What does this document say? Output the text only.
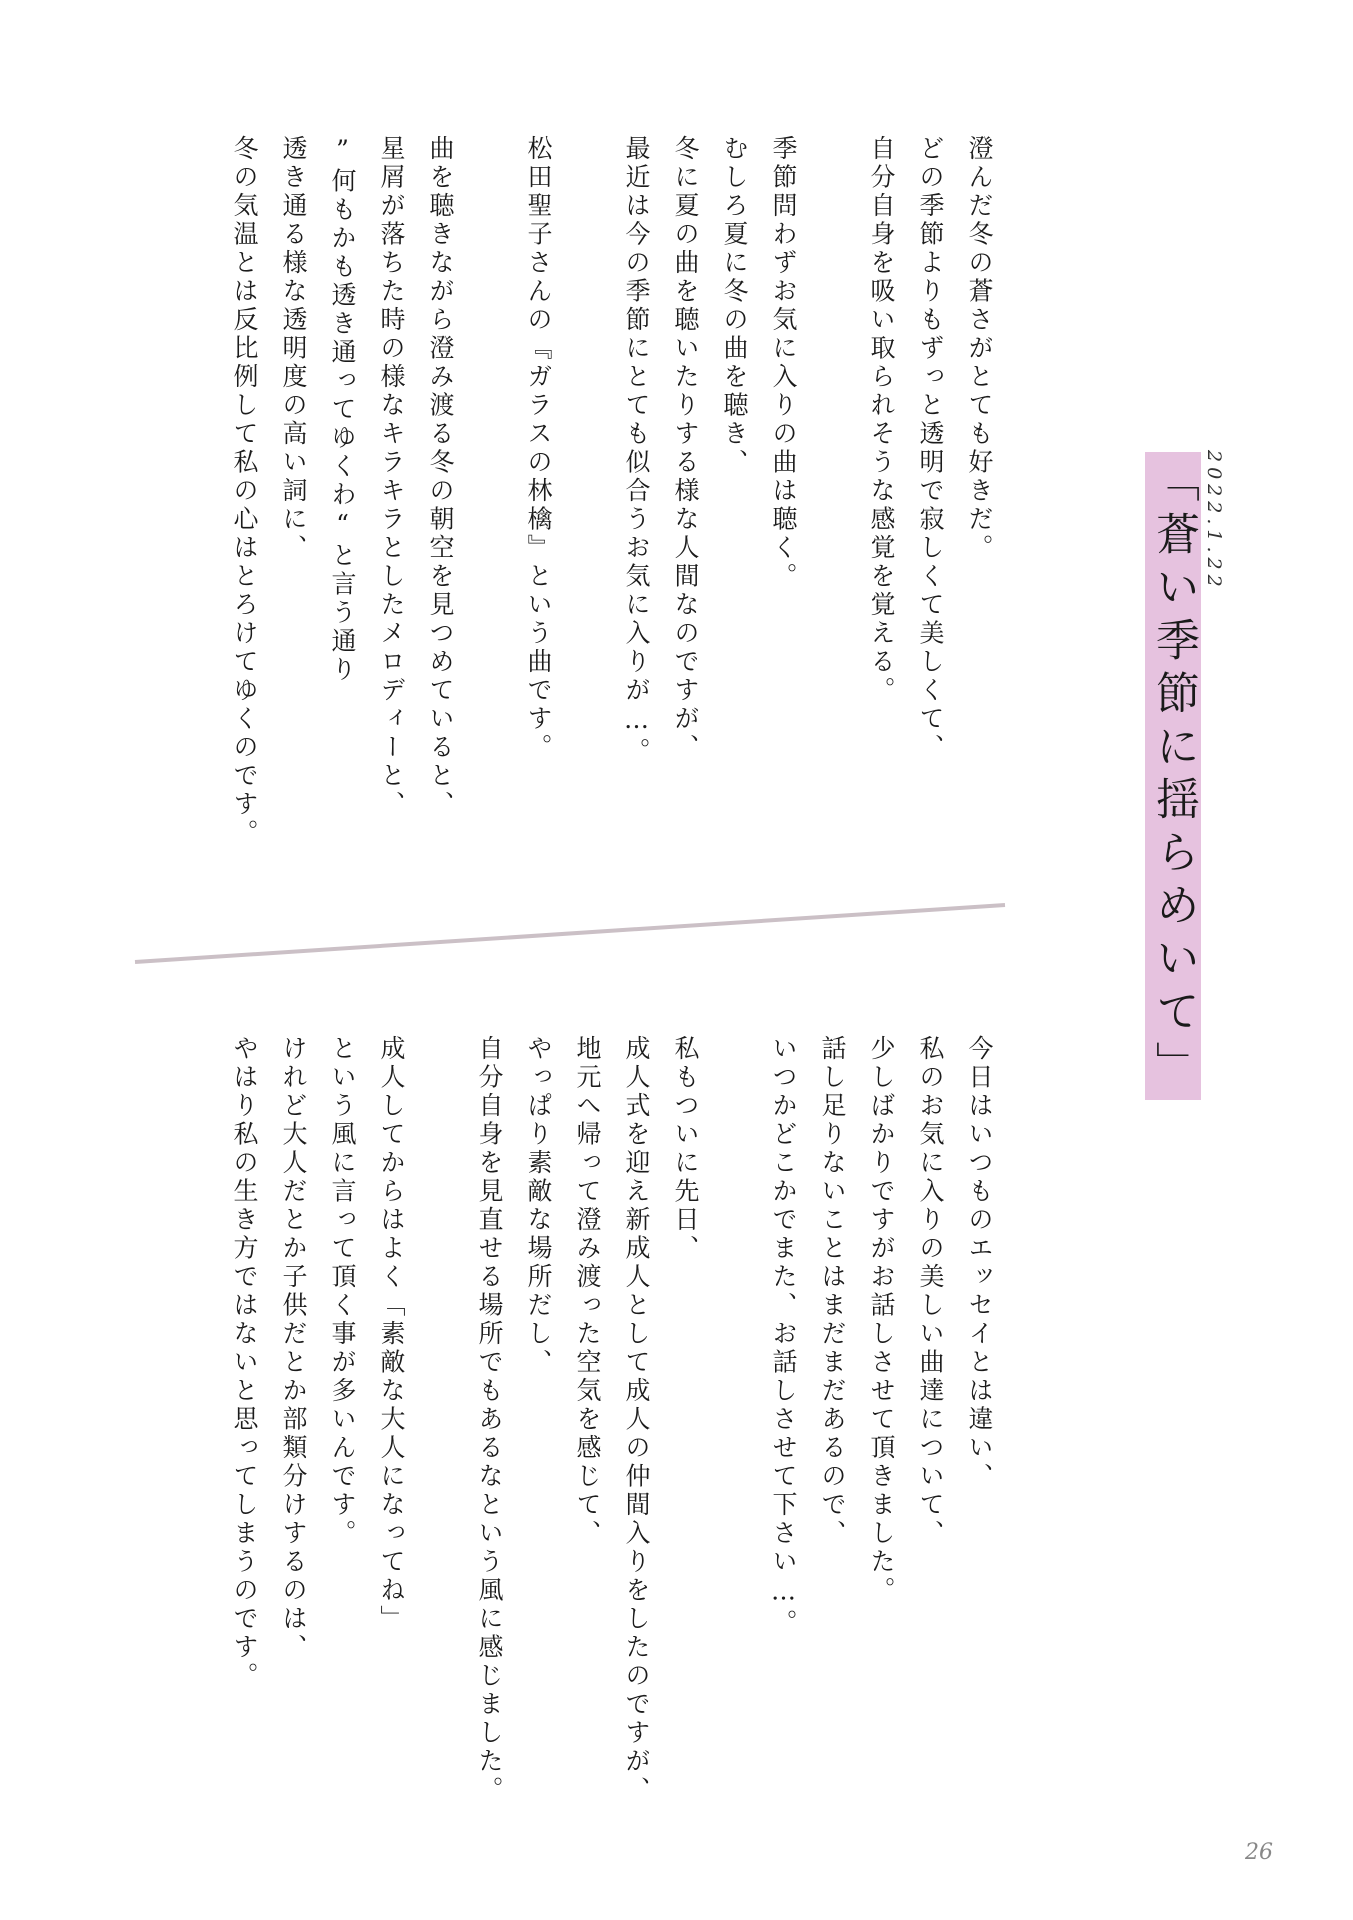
澄んだ冬の蒼さがとても好きだ。
どの季節よりもずっと透明で寂しくて美しくて、
自分自身を吸い取られそうな感覚を覚える。
季節問わずお気に入りの曲は聴く。
むしろ夏に冬の曲を聴き、
冬に夏の曲を聴いたりする様な人間なのですが、
最近は今の季節にとても似合うお気に入りが…。
松田聖子さんの『ガラスの林檎』という曲です。
曲を聴きながら澄み渡る冬の朝空を見つめていると、
星屑が落ちた時の様なキラキラとしたメロディーと、
”何もかも透き通ってゆくわ“と言う通り
透き通る様な透明度の高い詞に、
冬の気温とは反比例して私の心はとろけてゆくのです。
今日はいつものエッセイとは違い、
私のお気に入りの美しい曲達について、
少しばかりですがお話しさせて頂きました。
話し足りないことはまだまだあるので、
いつかどこかでまた、お話しさせて下さい…。
私もついに先日、
成人式を迎え新成人として成人の仲間入りをしたのですが、
地元へ帰って澄み渡った空気を感じて、
やっぱり素敵な場所だし、
自分自身を見直せる場所でもあるなという風に感じました。
成人してからはよく「素敵な大人になってね」
という風に言って頂く事が多いんです。
けれど大人だとか子供だとか部類分けするのは、
やはり私の生き方ではないと思ってしまうのです。
「蒼い季節に揺らめいて」 2022.1.22
26
